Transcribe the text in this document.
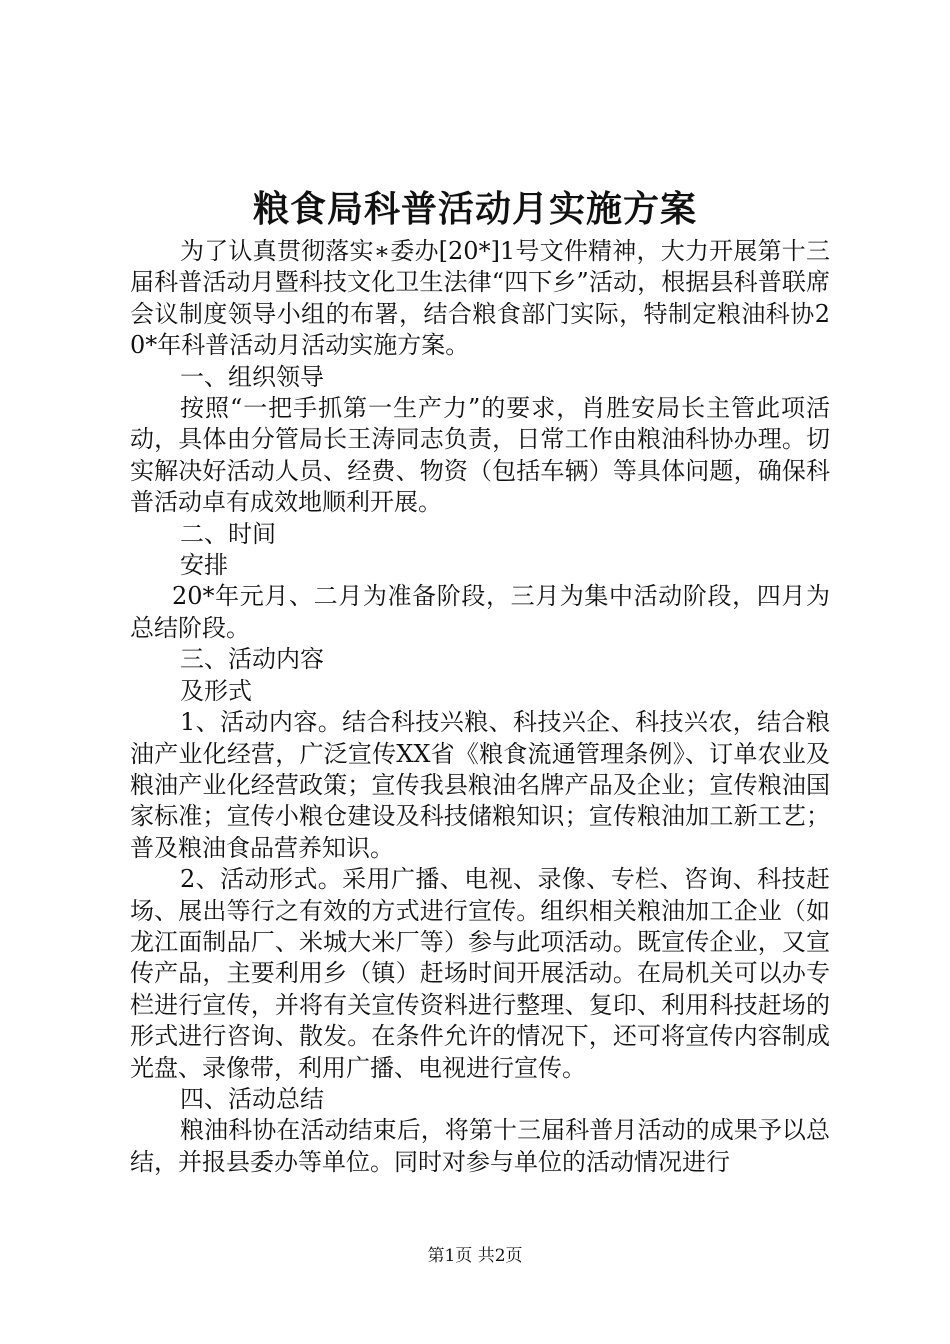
粮食局科普活动月实施方案

为了认真贯彻落实∗委办[20*]1号文件精神，大力开展第十三届科普活动月暨科技文化卫生法律“四下乡”活动，根据县科普联席会议制度领导小组的布署，结合粮食部门实际，特制定粮油科协20*年科普活动月活动实施方案。

一、组织领导

按照“一把手抓第一生产力”的要求，肖胜安局长主管此项活动，具体由分管局长王涛同志负责，日常工作由粮油科协办理。切实解决好活动人员、经费、物资（包括车辆）等具体问题，确保科普活动卓有成效地顺利开展。

二、时间

安排

20*年元月、二月为准备阶段，三月为集中活动阶段，四月为总结阶段。

三、活动内容

及形式

1、活动内容。结合科技兴粮、科技兴企、科技兴农，结合粮油产业化经营，广泛宣传XX省《粮食流通管理条例》、订单农业及粮油产业化经营政策；宣传我县粮油名牌产品及企业；宣传粮油国家标准；宣传小粮仓建设及科技储粮知识；宣传粮油加工新工艺；普及粮油食品营养知识。

2、活动形式。采用广播、电视、录像、专栏、咨询、科技赶场、展出等行之有效的方式进行宣传。组织相关粮油加工企业（如龙江面制品厂、米城大米厂等）参与此项活动。既宣传企业，又宣传产品，主要利用乡（镇）赶场时间开展活动。在局机关可以办专栏进行宣传，并将有关宣传资料进行整理、复印、利用科技赶场的形式进行咨询、散发。在条件允许的情况下，还可将宣传内容制成光盘、录像带，利用广播、电视进行宣传。

四、活动总结

粮油科协在活动结束后，将第十三届科普月活动的成果予以总结，并报县委办等单位。同时对参与单位的活动情况进行

第1页 共2页
